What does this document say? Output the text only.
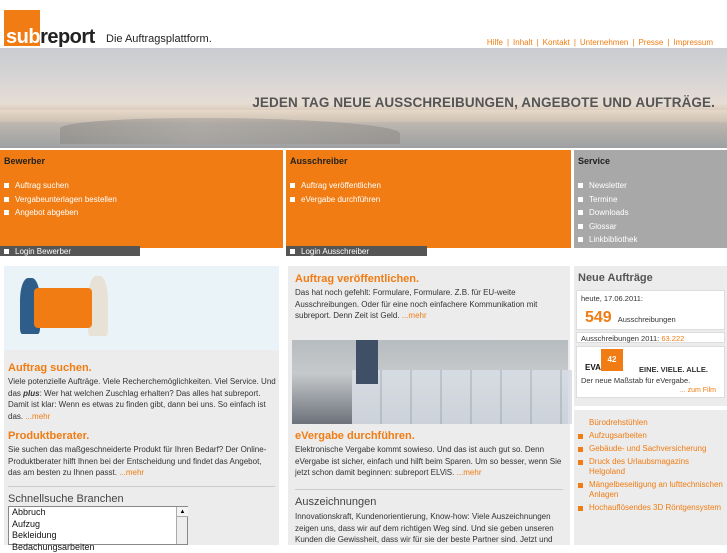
subreport Die Auftragsplattform.	Hilfe | Inhalt | Kontakt | Unternehmen | Presse | Impressum
JEDEN TAG NEUE AUSSCHREIBUNGEN, ANGEBOTE UND AUFTRÄGE.
Bewerber
Auftrag suchen
Vergabeunterlagen bestellen
Angebot abgeben
Login Bewerber
Ausschreiber
Auftrag veröffentlichen
eVergabe durchführen
Login Ausschreiber
Service
Newsletter
Termine
Downloads
Glossar
Linkbibliothek
Auftrag suchen.
Viele potenzielle Aufträge. Viele Recherchemöglichkeiten. Viel Service. Und das plus: Wer hat welchen Zuschlag erhalten? Das alles hat subreport. Damit ist klar: Wenn es etwas zu finden gibt, dann bei uns. So einfach ist das. ...mehr
Produktberater.
Sie suchen das maßgeschneiderte Produkt für Ihren Bedarf? Der Online-Produktberater hilft Ihnen bei der Entscheidung und findet das Angebot, das am besten zu Ihnen passt. ...mehr
Schnellsuche Branchen
Abbruch
Aufzug
Bekleidung
Bedachungsarbeiten
▲
Auftrag veröffentlichen.
Das hat noch gefehlt: Formulare, Formulare. Z.B. für EU-weite Ausschreibungen. Oder für eine noch einfachere Kommunikation mit subreport. Denn Zeit ist Geld. ...mehr
eVergabe durchführen.
Elektronische Vergabe kommt sowieso. Und das ist auch gut so. Denn eVergabe ist sicher, einfach und hilft beim Sparen. Um so besser, wenn Sie jetzt schon damit beginnen: subreport ELViS. ...mehr
Auszeichnungen
Innovationskraft, Kundenorientierung, Know-how: Viele Auszeichnungen zeigen uns, dass wir auf dem richtigen Weg sind. Und sie geben unseren Kunden die Gewissheit, dass wir für sie der beste Partner sind. Jetzt und
Neue Aufträge
heute, 17.06.2011:
549 Ausschreibungen
Ausschreibungen 2011: 63.222
EVA
42
EINE. VIELE. ALLE.
Der neue Maßstab für eVergabe.
... zum Film
Bürodrehstühlen
Aufzugsarbeiten
Gebäude- und Sachversicherung
Druck des Urlaubsmagazins Helgoland
Mängelbeseitigung an lufttechnischen Anlagen
Hochauflösendes 3D Röntgensystem
